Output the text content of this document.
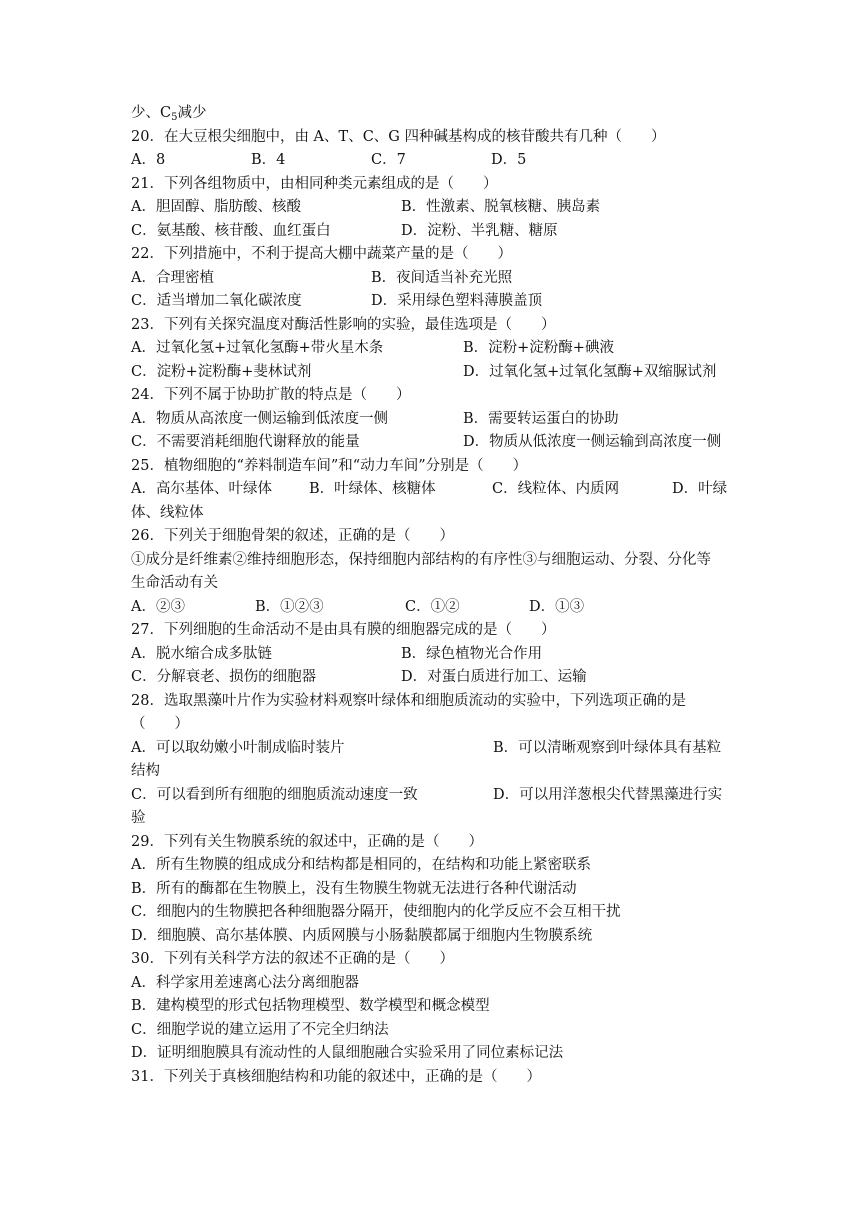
少、$C_5$减少
20．在大豆根尖细胞中，由 A、T、C、G 四种碱基构成的核苷酸共有几种（　　）
A．8	B．4	C．7	D．5
21．下列各组物质中，由相同种类元素组成的是（　　）
A．胆固醇、脂肪酸、核酸	B．性激素、脱氧核糖、胰岛素
C．氨基酸、核苷酸、血红蛋白	D．淀粉、半乳糖、糖原
22．下列措施中，不利于提高大棚中蔬菜产量的是（　　）
A．合理密植	B．夜间适当补充光照
C．适当增加二氧化碳浓度	D．采用绿色塑料薄膜盖顶
23．下列有关探究温度对酶活性影响的实验，最佳选项是（　　）
A．过氧化氢+过氧化氢酶+带火星木条	B．淀粉+淀粉酶+碘液
C．淀粉+淀粉酶+斐林试剂	D．过氧化氢+过氧化氢酶+双缩脲试剂
24．下列不属于协助扩散的特点是（　　）
A．物质从高浓度一侧运输到低浓度一侧	B．需要转运蛋白的协助
C．不需要消耗细胞代谢释放的能量	D．物质从低浓度一侧运输到高浓度一侧
25．植物细胞的“养料制造车间”和“动力车间”分别是（　　）
A．高尔基体、叶绿体	B．叶绿体、核糖体	C．线粒体、内质网	D．叶绿
体、线粒体
26．下列关于细胞骨架的叙述，正确的是（　　）
①成分是纤维素②维持细胞形态，保持细胞内部结构的有序性③与细胞运动、分裂、分化等
生命活动有关
A．②③	B．①②③	C．①②	D．①③
27．下列细胞的生命活动不是由具有膜的细胞器完成的是（　　）
A．脱水缩合成多肽链	B．绿色植物光合作用
C．分解衰老、损伤的细胞器	D．对蛋白质进行加工、运输
28．选取黑藻叶片作为实验材料观察叶绿体和细胞质流动的实验中，下列选项正确的是
（　　）
A．可以取幼嫩小叶制成临时装片	B．可以清晰观察到叶绿体具有基粒
结构
C．可以看到所有细胞的细胞质流动速度一致	D．可以用洋葱根尖代替黑藻进行实
验
29．下列有关生物膜系统的叙述中，正确的是（　　）
A．所有生物膜的组成成分和结构都是相同的，在结构和功能上紧密联系
B．所有的酶都在生物膜上，没有生物膜生物就无法进行各种代谢活动
C．细胞内的生物膜把各种细胞器分隔开，使细胞内的化学反应不会互相干扰
D．细胞膜、高尔基体膜、内质网膜与小肠黏膜都属于细胞内生物膜系统
30．下列有关科学方法的叙述不正确的是（　　）
A．科学家用差速离心法分离细胞器
B．建构模型的形式包括物理模型、数学模型和概念模型
C．细胞学说的建立运用了不完全归纳法
D．证明细胞膜具有流动性的人鼠细胞融合实验采用了同位素标记法
31．下列关于真核细胞结构和功能的叙述中，正确的是（　　）
